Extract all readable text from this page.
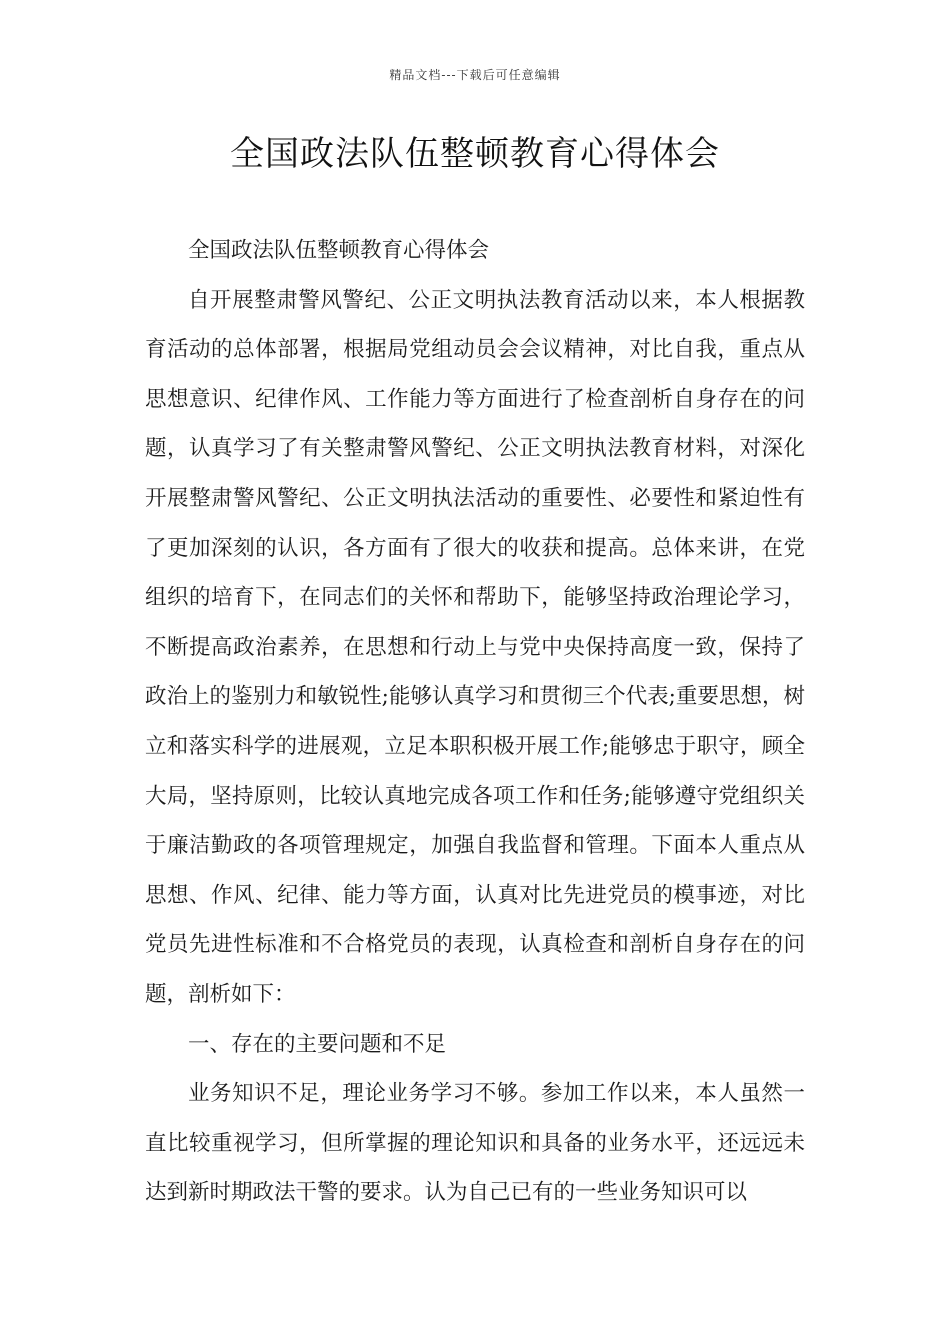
精品文档---下载后可任意编辑
全国政法队伍整顿教育心得体会

全国政法队伍整顿教育心得体会

自开展整肃警风警纪、公正文明执法教育活动以来，本人根据教育活动的总体部署，根据局党组动员会会议精神，对比自我，重点从思想意识、纪律作风、工作能力等方面进行了检查剖析自身存在的问题，认真学习了有关整肃警风警纪、公正文明执法教育材料，对深化开展整肃警风警纪、公正文明执法活动的重要性、必要性和紧迫性有了更加深刻的认识，各方面有了很大的收获和提高。总体来讲，在党组织的培育下，在同志们的关怀和帮助下，能够坚持政治理论学习，不断提高政治素养，在思想和行动上与党中央保持高度一致，保持了政治上的鉴别力和敏锐性;能够认真学习和贯彻三个代表;重要思想，树立和落实科学的进展观，立足本职积极开展工作;能够忠于职守，顾全大局，坚持原则，比较认真地完成各项工作和任务;能够遵守党组织关于廉洁勤政的各项管理规定，加强自我监督和管理。下面本人重点从思想、作风、纪律、能力等方面，认真对比先进党员的模事迹，对比党员先进性标准和不合格党员的表现，认真检查和剖析自身存在的问题，剖析如下：

一、存在的主要问题和不足

业务知识不足，理论业务学习不够。参加工作以来，本人虽然一直比较重视学习，但所掌握的理论知识和具备的业务水平，还远远未达到新时期政法干警的要求。认为自己已有的一些业务知识可以
